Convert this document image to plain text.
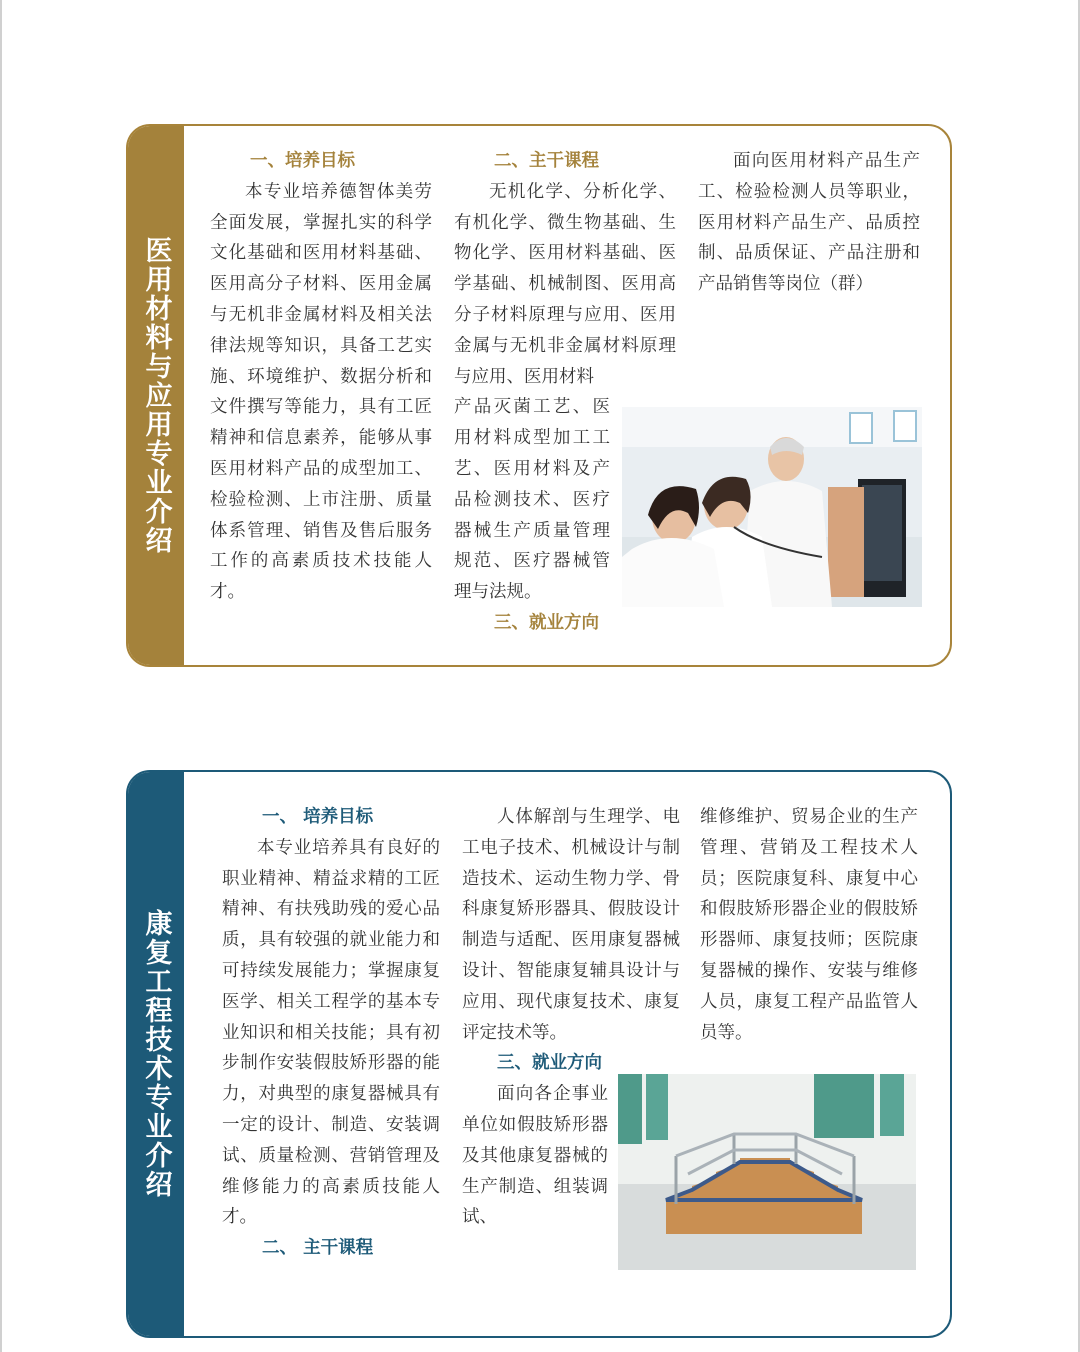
医用材料与应用专业介绍

一、培养目标

本专业培养德智体美劳全面发展，掌握扎实的科学文化基础和医用材料基础、医用高分子材料、医用金属与无机非金属材料及相关法律法规等知识，具备工艺实施、环境维护、数据分析和文件撰写等能力，具有工匠精神和信息素养，能够从事医用材料产品的成型加工、检验检测、上市注册、质量体系管理、销售及售后服务工作的高素质技术技能人才。

二、主干课程

无机化学、分析化学、有机化学、微生物基础、生物化学、医用材料基础、医学基础、机械制图、医用高分子材料原理与应用、医用金属与无机非金属材料原理与应用、医用材料

产品灭菌工艺、医用材料成型加工工艺、医用材料及产品检测技术、医疗器械生产质量管理规范、医疗器械管理与法规。

三、就业方向

面向医用材料产品生产工、检验检测人员等职业，医用材料产品生产、品质控制、品质保证、产品注册和产品销售等岗位（群）

康复工程技术专业介绍

一、 培养目标

本专业培养具有良好的职业精神、精益求精的工匠精神、有扶残助残的爱心品质，具有较强的就业能力和可持续发展能力；掌握康复医学、相关工程学的基本专业知识和相关技能；具有初步制作安装假肢矫形器的能力，对典型的康复器械具有一定的设计、制造、安装调试、质量检测、营销管理及维修能力的高素质技能人才。

二、 主干课程

人体解剖与生理学、电工电子技术、机械设计与制造技术、运动生物力学、骨科康复矫形器具、假肢设计制造与适配、医用康复器械设计、智能康复辅具设计与应用、现代康复技术、康复评定技术等。

三、就业方向

面向各企事业单位如假肢矫形器及其他康复器械的生产制造、组装调试、

维修维护、贸易企业的生产管理、营销及工程技术人员；医院康复科、康复中心和假肢矫形器企业的假肢矫形器师、康复技师；医院康复器械的操作、安装与维修人员，康复工程产品监管人员等。
